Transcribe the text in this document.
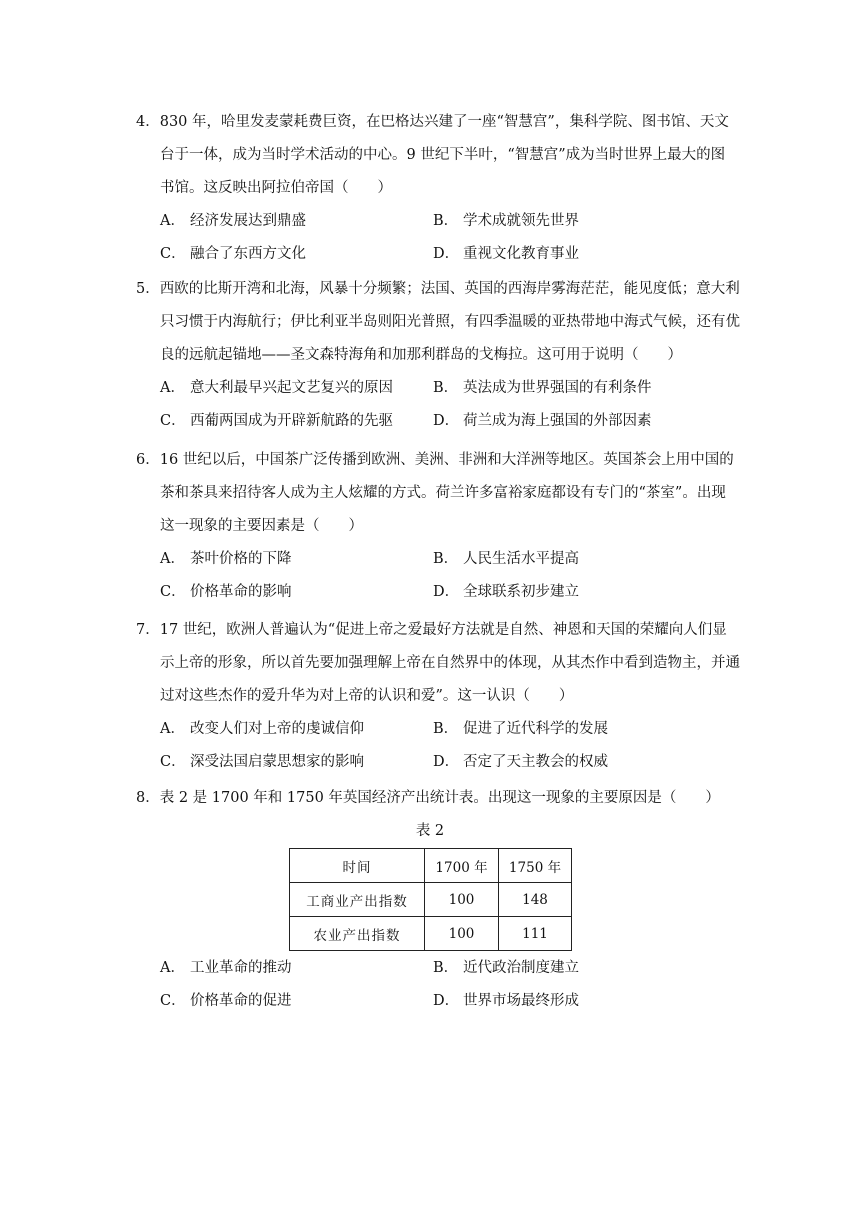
4．830 年，哈里发麦蒙耗费巨资，在巴格达兴建了一座“智慧宫”，集科学院、图书馆、天文
台于一体，成为当时学术活动的中心。9 世纪下半叶，“智慧宫”成为当时世界上最大的图
书馆。这反映出阿拉伯帝国（　　）
A． 经济发展达到鼎盛	B． 学术成就领先世界
C． 融合了东西方文化	D． 重视文化教育事业
5．西欧的比斯开湾和北海，风暴十分频繁；法国、英国的西海岸雾海茫茫，能见度低；意大利
只习惯于内海航行；伊比利亚半岛则阳光普照，有四季温暖的亚热带地中海式气候，还有优
良的远航起锚地——圣文森特海角和加那利群岛的戈梅拉。这可用于说明（　　）
A． 意大利最早兴起文艺复兴的原因	B． 英法成为世界强国的有利条件
C． 西葡两国成为开辟新航路的先驱	D． 荷兰成为海上强国的外部因素
6．16 世纪以后，中国茶广泛传播到欧洲、美洲、非洲和大洋洲等地区。英国茶会上用中国的
茶和茶具来招待客人成为主人炫耀的方式。荷兰许多富裕家庭都设有专门的“茶室”。出现
这一现象的主要因素是（　　）
A． 茶叶价格的下降	B． 人民生活水平提高
C． 价格革命的影响	D． 全球联系初步建立
7．17 世纪，欧洲人普遍认为“促进上帝之爱最好方法就是自然、神恩和天国的荣耀向人们显
示上帝的形象，所以首先要加强理解上帝在自然界中的体现，从其杰作中看到造物主，并通
过对这些杰作的爱升华为对上帝的认识和爱”。这一认识（　　）
A． 改变人们对上帝的虔诚信仰	B． 促进了近代科学的发展
C． 深受法国启蒙思想家的影响	D． 否定了天主教会的权威
8．表 2 是 1700 年和 1750 年英国经济产出统计表。出现这一现象的主要原因是（　　）
表 2
时间	1700 年	1750 年
工商业产出指数	100	148
农业产出指数	100	111
A． 工业革命的推动	B． 近代政治制度建立
C． 价格革命的促进	D． 世界市场最终形成
